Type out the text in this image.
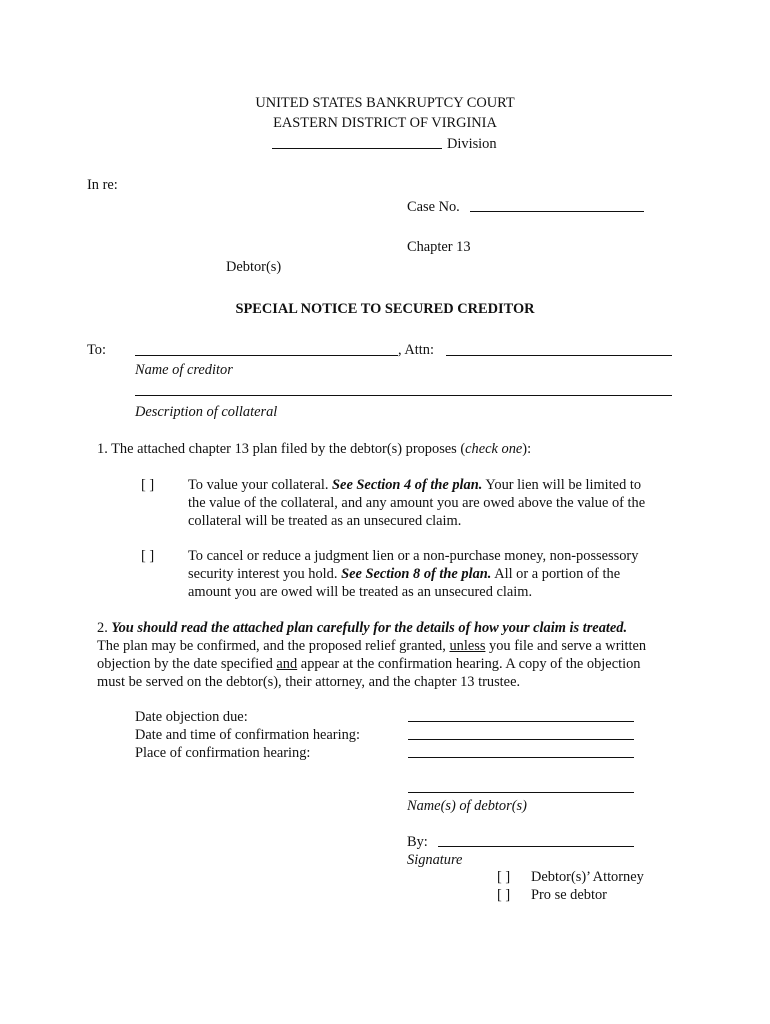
UNITED STATES BANKRUPTCY COURT
EASTERN DISTRICT OF VIRGINIA
Division
In re:
Case No.
Chapter 13
Debtor(s)
SPECIAL NOTICE TO SECURED CREDITOR
To:	, Attn:
Name of creditor
Description of collateral
1. The attached chapter 13 plan filed by the debtor(s) proposes (check one):
[ ] To value your collateral. See Section 4 of the plan. Your lien will be limited to
the value of the collateral, and any amount you are owed above the value of the
collateral will be treated as an unsecured claim.
[ ] To cancel or reduce a judgment lien or a non-purchase money, non-possessory
security interest you hold. See Section 8 of the plan. All or a portion of the
amount you are owed will be treated as an unsecured claim.
2. You should read the attached plan carefully for the details of how your claim is treated.
The plan may be confirmed, and the proposed relief granted, unless you file and serve a written
objection by the date specified and appear at the confirmation hearing. A copy of the objection
must be served on the debtor(s), their attorney, and the chapter 13 trustee.
Date objection due:
Date and time of confirmation hearing:
Place of confirmation hearing:
Name(s) of debtor(s)
By:
Signature
[ ] Debtor(s)’ Attorney
[ ] Pro se debtor
